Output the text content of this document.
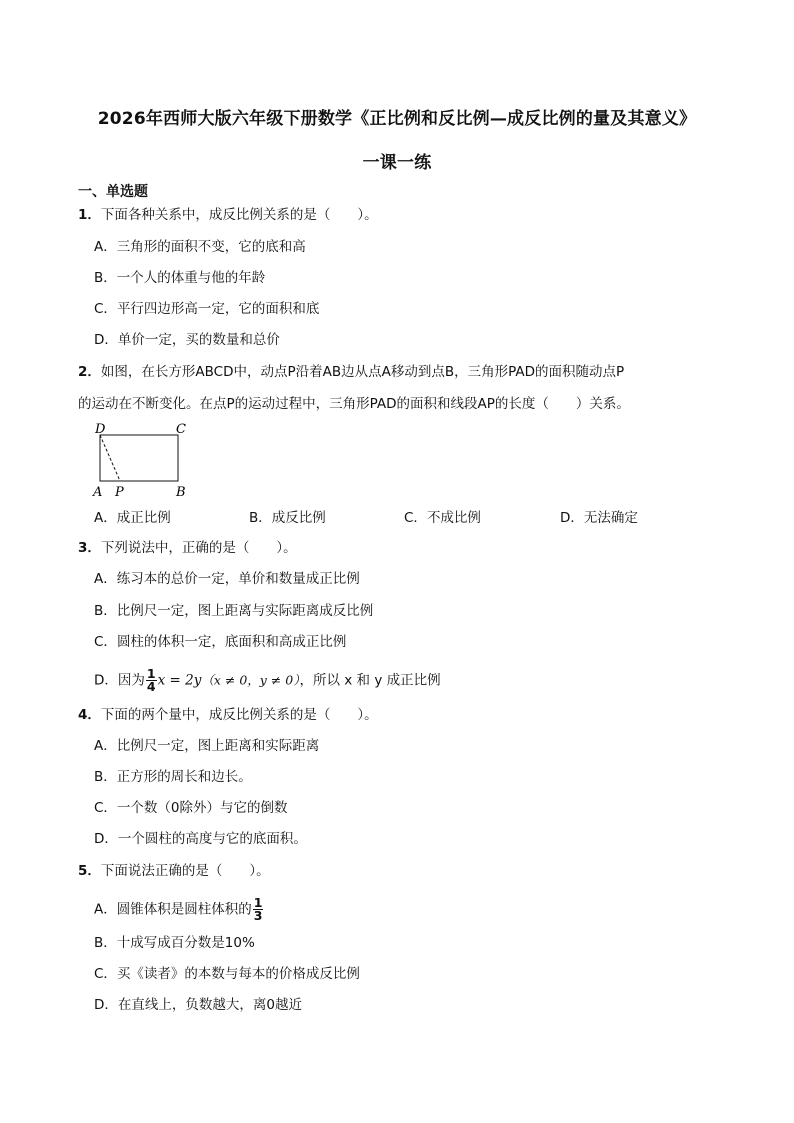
2026年西师大版六年级下册数学《正比例和反比例—成反比例的量及其意义》
一课一练
一、单选题
1．下面各种关系中，成反比例关系的是（　　）。
A．三角形的面积不变，它的底和高
B．一个人的体重与他的年龄
C．平行四边形高一定，它的面积和底
D．单价一定，买的数量和总价
2．如图，在长方形ABCD中，动点P沿着AB边从点A移动到点B，三角形PAD的面积随动点P
的运动在不断变化。在点P的运动过程中，三角形PAD的面积和线段AP的长度（　　）关系。
D	C
A P	B
A．成正比例	B．成反比例	C．不成比例	D．无法确定
3．下列说法中，正确的是（　　）。
A．练习本的总价一定，单价和数量成正比例
B．比例尺一定，图上距离与实际距离成反比例
C．圆柱的体积一定，底面积和高成正比例
D．因为 $\frac{1}{4}$ x = 2y（x ≠ 0，y ≠ 0），所以 x 和 y 成正比例
4．下面的两个量中，成反比例关系的是（　　）。
A．比例尺一定，图上距离和实际距离
B．正方形的周长和边长。
C．一个数（0除外）与它的倒数
D．一个圆柱的高度与它的底面积。
5．下面说法正确的是（　　）。
A．圆锥体积是圆柱体积的 $\frac{1}{3}$
B．十成写成百分数是10%
C．买《读者》的本数与每本的价格成反比例
D．在直线上，负数越大，离0越近
